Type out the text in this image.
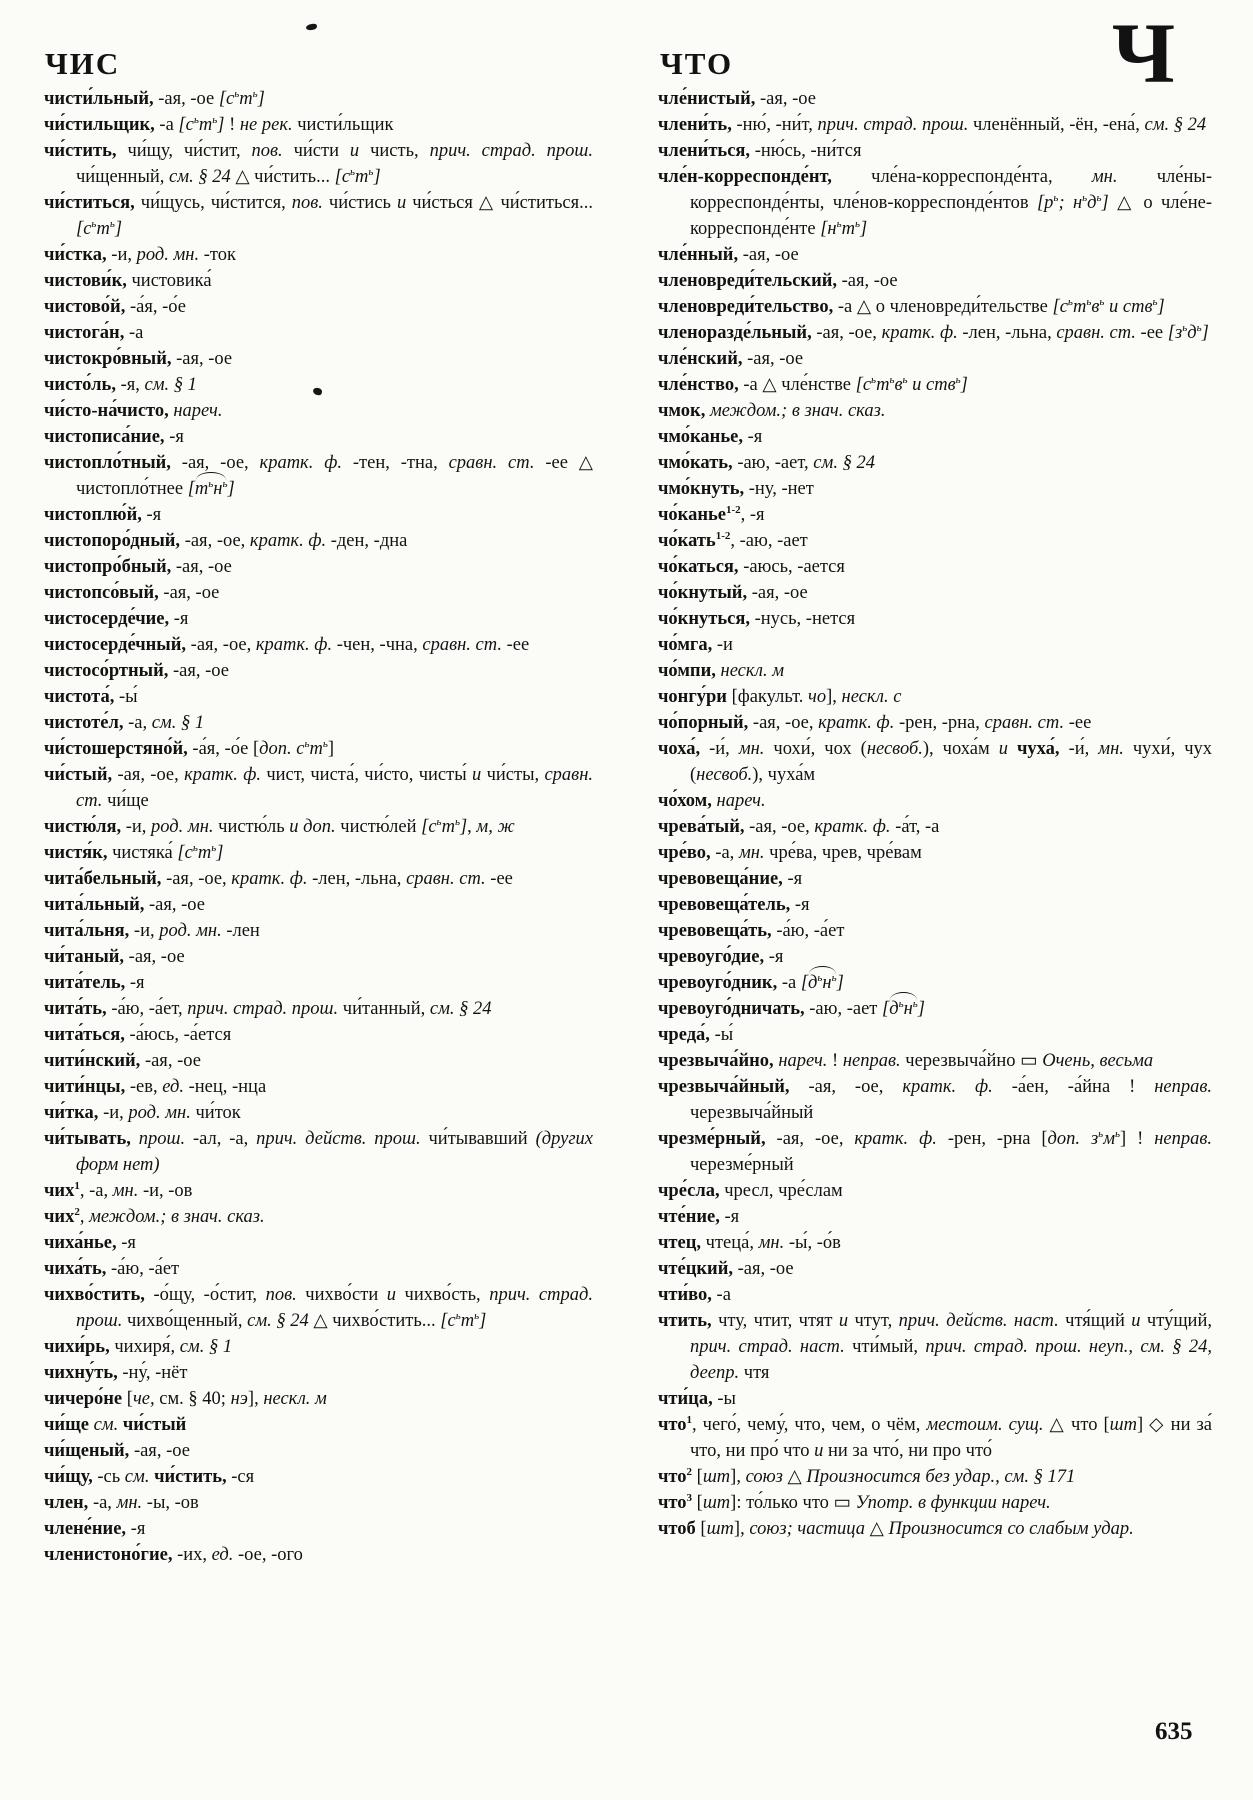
ЧИС	ЧТО	Ч

чисти́льный, -ая, -ое $[с^ьт^ь]$

чи́стильщик, -а $[с^ьт^ь]$ ! не рек. чисти́льщик

чи́стить, чи́щу, чи́стит, пов. чи́сти и чисть, прич. страд. прош. чи́щенный, см. § 24 △ чи́стить... $[с^ьт^ь]$

чи́ститься, чи́щусь, чи́стится, пов. чи́стись и чи́сться △ чи́ститься... $[с^ьт^ь]$

чи́стка, -и, род. мн. -ток

чистови́к, чистовика́

чистово́й, -а́я, -о́е

чистога́н, -а

чистокро́вный, -ая, -ое

чисто́ль, -я, см. § 1

чи́сто-на́чисто, нареч.

чистописа́ние, -я

чистопло́тный, -ая, -ое, кратк. ф. -тен, -тна, сравн. ст. -ее △ чистопло́тнее $[т^ьн^ь]$

чистоплю́й, -я

чистопоро́дный, -ая, -ое, кратк. ф. -ден, -дна

чистопро́бный, -ая, -ое

чистопсо́вый, -ая, -ое

чистосерде́чие, -я

чистосерде́чный, -ая, -ое, кратк. ф. -чен, -чна, сравн. ст. -ее

чистосо́ртный, -ая, -ое

чистота́, -ы́

чистоте́л, -а, см. § 1

чи́стошерстяно́й, -а́я, -о́е [доп. $с^ьт^ь$]

чи́стый, -ая, -ое, кратк. ф. чист, чиста́, чи́сто, чисты́ и чи́сты, сравн. ст. чи́ще

чистю́ля, -и, род. мн. чистю́ль и доп. чистю́лей $[с^ьт^ь]$, м, ж

чистя́к, чистяка́ $[с^ьт^ь]$

чита́бельный, -ая, -ое, кратк. ф. -лен, -льна, сравн. ст. -ее

чита́льный, -ая, -ое

чита́льня, -и, род. мн. -лен

чи́таный, -ая, -ое

чита́тель, -я

чита́ть, -а́ю, -а́ет, прич. страд. прош. чи́танный, см. § 24

чита́ться, -а́юсь, -а́ется

чити́нский, -ая, -ое

чити́нцы, -ев, ед. -нец, -нца

чи́тка, -и, род. мн. чи́ток

чи́тывать, прош. -ал, -а, прич. действ. прош. чи́тывавший (других форм нет)

чих$^1$, -а, мн. -и, -ов

чих$^2$, междом.; в знач. сказ.

чиха́нье, -я

чиха́ть, -а́ю, -а́ет

чихво́стить, -о́щу, -о́стит, пов. чихво́сти и чихво́сть, прич. страд. прош. чихво́щенный, см. § 24 △ чихво́стить... $[с^ьт^ь]$

чихи́рь, чихиря́, см. § 1

чихну́ть, -ну́, -нёт

чичеро́не [че, см. § 40; нэ], нескл. м

чи́ще см. чи́стый

чи́щеный, -ая, -ое

чи́щу, -сь см. чи́стить, -ся

член, -а, мн. -ы, -ов

члене́ние, -я

членистоно́гие, -их, ед. -ое, -ого

чле́нистый, -ая, -ое

члени́ть, -ню́, -ни́т, прич. страд. прош. членённый, -ён, -ена́, см. § 24

члени́ться, -ню́сь, -ни́тся

чле́н-корреспонде́нт, чле́на-корреспонде́нта, мн. чле́ны-корреспонде́нты, чле́нов-корреспонде́нтов [$р^ь$; $н^ьд^ь$] △ о чле́не-корреспонде́нте $[н^ьт^ь]$

чле́нный, -ая, -ое

членовреди́тельский, -ая, -ое

членовреди́тельство, -а △ о членовреди́тельстве [$с^ьт^ьв^ь$ и ств$^ь$]

членоразде́льный, -ая, -ое, кратк. ф. -лен, -льна, сравн. ст. -ее $[з^ьд^ь]$

чле́нский, -ая, -ое

чле́нство, -а △ чле́нстве [$с^ьт^ьв^ь$ и ств$^ь$]

чмок, междом.; в знач. сказ.

чмо́канье, -я

чмо́кать, -аю, -ает, см. § 24

чмо́кнуть, -ну, -нет

чо́канье$^{1-2}$, -я

чо́кать$^{1-2}$, -аю, -ает

чо́каться, -аюсь, -ается

чо́кнутый, -ая, -ое

чо́кнуться, -нусь, -нется

чо́мга, -и

чо́мпи, нескл. м

чонгу́ри [факульт. чо], нескл. с

чо́порный, -ая, -ое, кратк. ф. -рен, -рна, сравн. ст. -ее

чоха́, -и́, мн. чохи́, чох (несвоб.), чоха́м и чуха́, -и́, мн. чухи́, чух (несвоб.), чуха́м

чо́хом, нареч.

чрева́тый, -ая, -ое, кратк. ф. -а́т, -а

чре́во, -а, мн. чре́ва, чрев, чре́вам

чревовеща́ние, -я

чревовеща́тель, -я

чревовеща́ть, -а́ю, -а́ет

чревоуго́дие, -я

чревоуго́дник, -а $[д^ьн^ь]$

чревоуго́дничать, -аю, -ает $[д^ьн^ь]$

чреда́, -ы́

чрезвыча́йно, нареч. ! неправ. черезвыча́йно ▭ Очень, весьма

чрезвыча́йный, -ая, -ое, кратк. ф. -а́ен, -а́йна ! неправ. черезвыча́йный

чрезме́рный, -ая, -ое, кратк. ф. -рен, -рна [доп. $з^ьм^ь$] ! неправ. черезме́рный

чре́сла, чресл, чре́слам

чте́ние, -я

чтец, чтеца́, мн. -ы́, -о́в

чте́цкий, -ая, -ое

чти́во, -а

чтить, чту, чтит, чтят и чтут, прич. действ. наст. чтя́щий и чту́щий, прич. страд. наст. чти́мый, прич. страд. прош. неуп., см. § 24, деепр. чтя

чти́ца, -ы

что$^1$, чего́, чему́, что, чем, о чём, местоим. сущ. △ что [шт] ◇ ни за́ что, ни про́ что и ни за что́, ни про что́

что$^2$ [шт], союз △ Произносится без удар., см. § 171

что$^3$ [шт]: то́лько что ▭ Употр. в функции нареч.

чтоб [шт], союз; частица △ Произносится со слабым удар.

635
